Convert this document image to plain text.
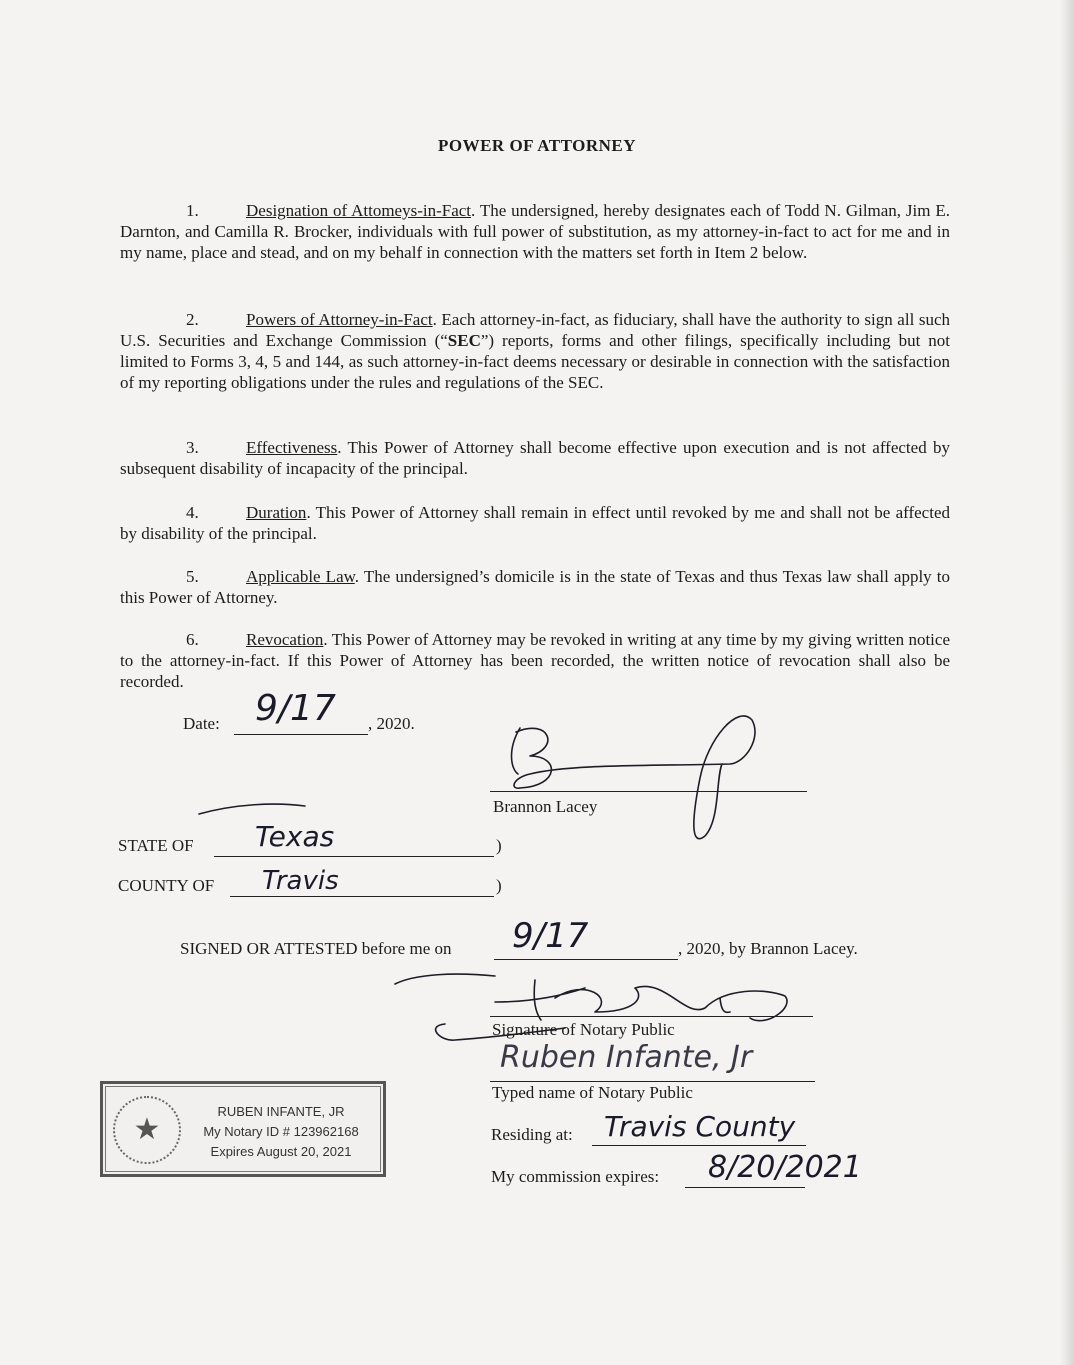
POWER OF ATTORNEY
1.	Designation of Attomeys-in-Fact. The undersigned, hereby designates each of Todd N. Gilman, Jim E. Darnton, and Camilla R. Brocker, individuals with full power of substitution, as my attorney-in-fact to act for me and in my name, place and stead, and on my behalf in connection with the matters set forth in Item 2 below.
2.	Powers of Attorney-in-Fact. Each attorney-in-fact, as fiduciary, shall have the authority to sign all such U.S. Securities and Exchange Commission (“SEC”) reports, forms and other filings, specifically including but not limited to Forms 3, 4, 5 and 144, as such attorney-in-fact deems necessary or desirable in connection with the satisfaction of my reporting obligations under the rules and regulations of the SEC.
3.	Effectiveness. This Power of Attorney shall become effective upon execution and is not affected by subsequent disability of incapacity of the principal.
4.	Duration. This Power of Attorney shall remain in effect until revoked by me and shall not be affected by disability of the principal.
5.	Applicable Law. The undersigned’s domicile is in the state of Texas and thus Texas law shall apply to this Power of Attorney.
6.	Revocation. This Power of Attorney may be revoked in writing at any time by my giving written notice to the attorney-in-fact. If this Power of Attorney has been recorded, the written notice of revocation shall also be recorded.
Date: 9/17 , 2020.
Brannon Lacey
STATE OF Texas	)
COUNTY OF Travis	)
SIGNED OR ATTESTED before me on 9/17	, 2020, by Brannon Lacey.
Signature of Notary Public
Ruben Infante, Jr
Typed name of Notary Public
Residing at: Travis County
My commission expires: 8/20/2021
★
RUBEN INFANTE, JR
My Notary ID # 123962168
Expires August 20, 2021
